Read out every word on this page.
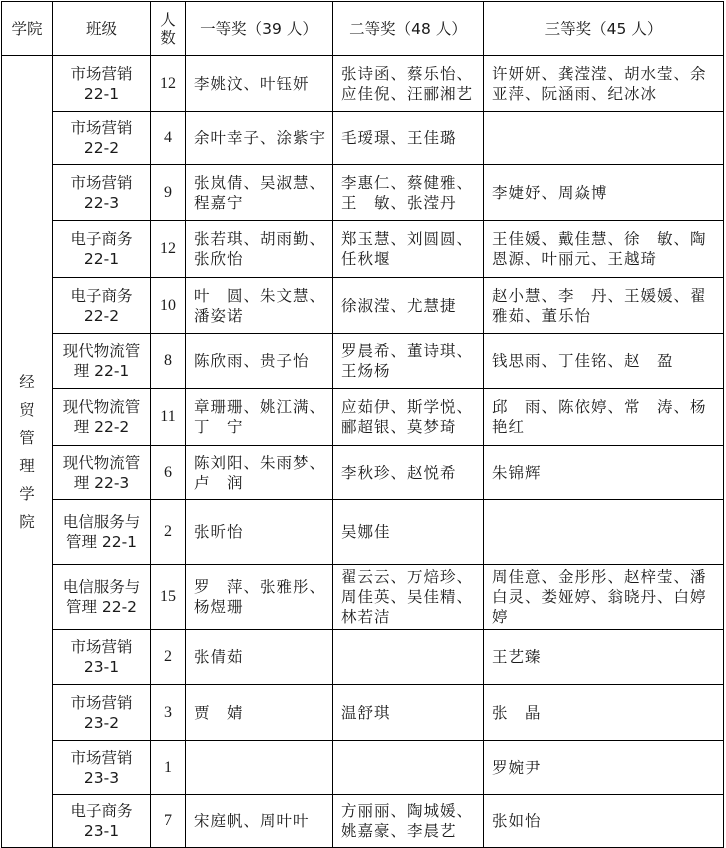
学院	班级	人数	一等奖（39 人）	二等奖（48 人）	三等奖（45 人）

经贸管理学院	市场营销 22-1	12	李姚汶、叶钰妍	张诗函、蔡乐怡、应佳倪、汪郦湘艺	许妍妍、龚滢滢、胡水莹、余亚萍、阮涵雨、纪冰冰
	市场营销 22-2	4	余叶幸子、涂紫宇	毛瑷璟、王佳璐	
	市场营销 22-3	9	张岚倩、吴淑慧、程嘉宁	李惠仁、蔡健雅、王　敏、张滢丹	李婕妤、周焱博
	电子商务 22-1	12	张若琪、胡雨勤、张欣怡	郑玉慧、刘圆圆、任秋堰	王佳媛、戴佳慧、徐　敏、陶恩源、叶丽元、王越琦
	电子商务 22-2	10	叶　圆、朱文慧、潘姿诺	徐淑滢、尤慧捷	赵小慧、李　丹、王媛媛、翟雅茹、董乐怡
	现代物流管理 22-1	8	陈欣雨、贵子怡	罗晨希、董诗琪、王炀杨	钱思雨、丁佳铭、赵　盈
	现代物流管理 22-2	11	章珊珊、姚江满、丁　宁	应茹伊、斯学悦、郦超银、莫梦琦	邱　雨、陈依婷、常　涛、杨艳红
	现代物流管理 22-3	6	陈刘阳、朱雨梦、卢　润	李秋珍、赵悦希	朱锦辉
	电信服务与管理 22-1	2	张昕怡	吴娜佳	
	电信服务与管理 22-2	15	罗　萍、张雅彤、杨煜珊	翟云云、万焙珍、周佳英、吴佳精、林若洁	周佳意、金彤彤、赵梓莹、潘白灵、娄娅婷、翁晓丹、白婷婷
	市场营销 23-1	2	张倩茹		王艺臻
	市场营销 23-2	3	贾　婧	温舒琪	张　晶
	市场营销 23-3	1			罗婉尹
	电子商务 23-1	7	宋庭帆、周叶叶	方丽丽、陶城媛、姚嘉豪、李晨艺	张如怡
